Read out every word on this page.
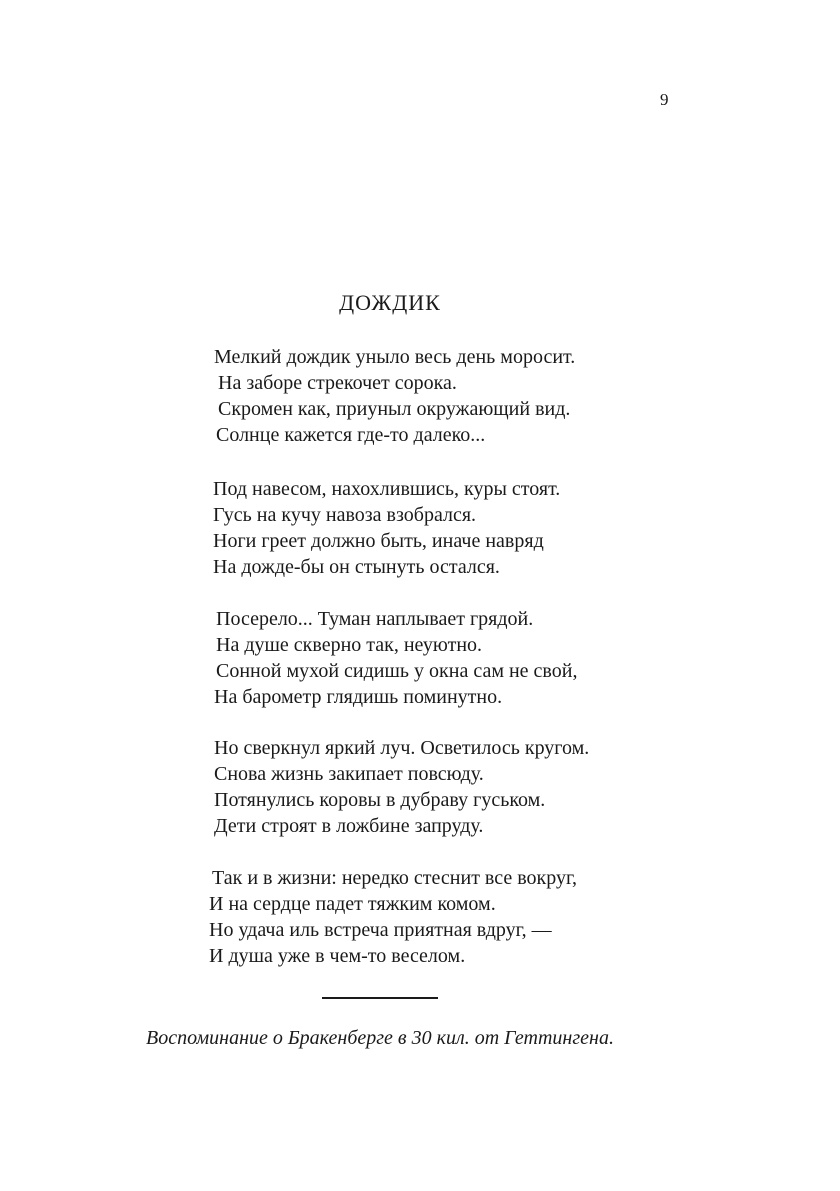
9
ДОЖДИК
Мелкий дождик уныло весь день моросит.
На заборе стрекочет сорока.
Скромен как, приуныл окружающий вид.
Солнце кажется где-то далеко...
Под навесом, нахохлившись, куры стоят.
Гусь на кучу навоза взобрался.
Ноги греет должно быть, иначе навряд
На дожде-бы он стынуть остался.
Посерело... Туман наплывает грядой.
На душе скверно так, неуютно.
Сонной мухой сидишь у окна сам не свой,
На барометр глядишь поминутно.
Но сверкнул яркий луч. Осветилось кругом.
Снова жизнь закипает повсюду.
Потянулись коровы в дубраву гуськом.
Дети строят в ложбине запруду.
Так и в жизни: нередко стеснит все вокруг,
И на сердце падет тяжким комом.
Но удача иль встреча приятная вдруг, —
И душа уже в чем-то веселом.
Воспоминание о Бракенберге в 30 кил. от Геттингена.
